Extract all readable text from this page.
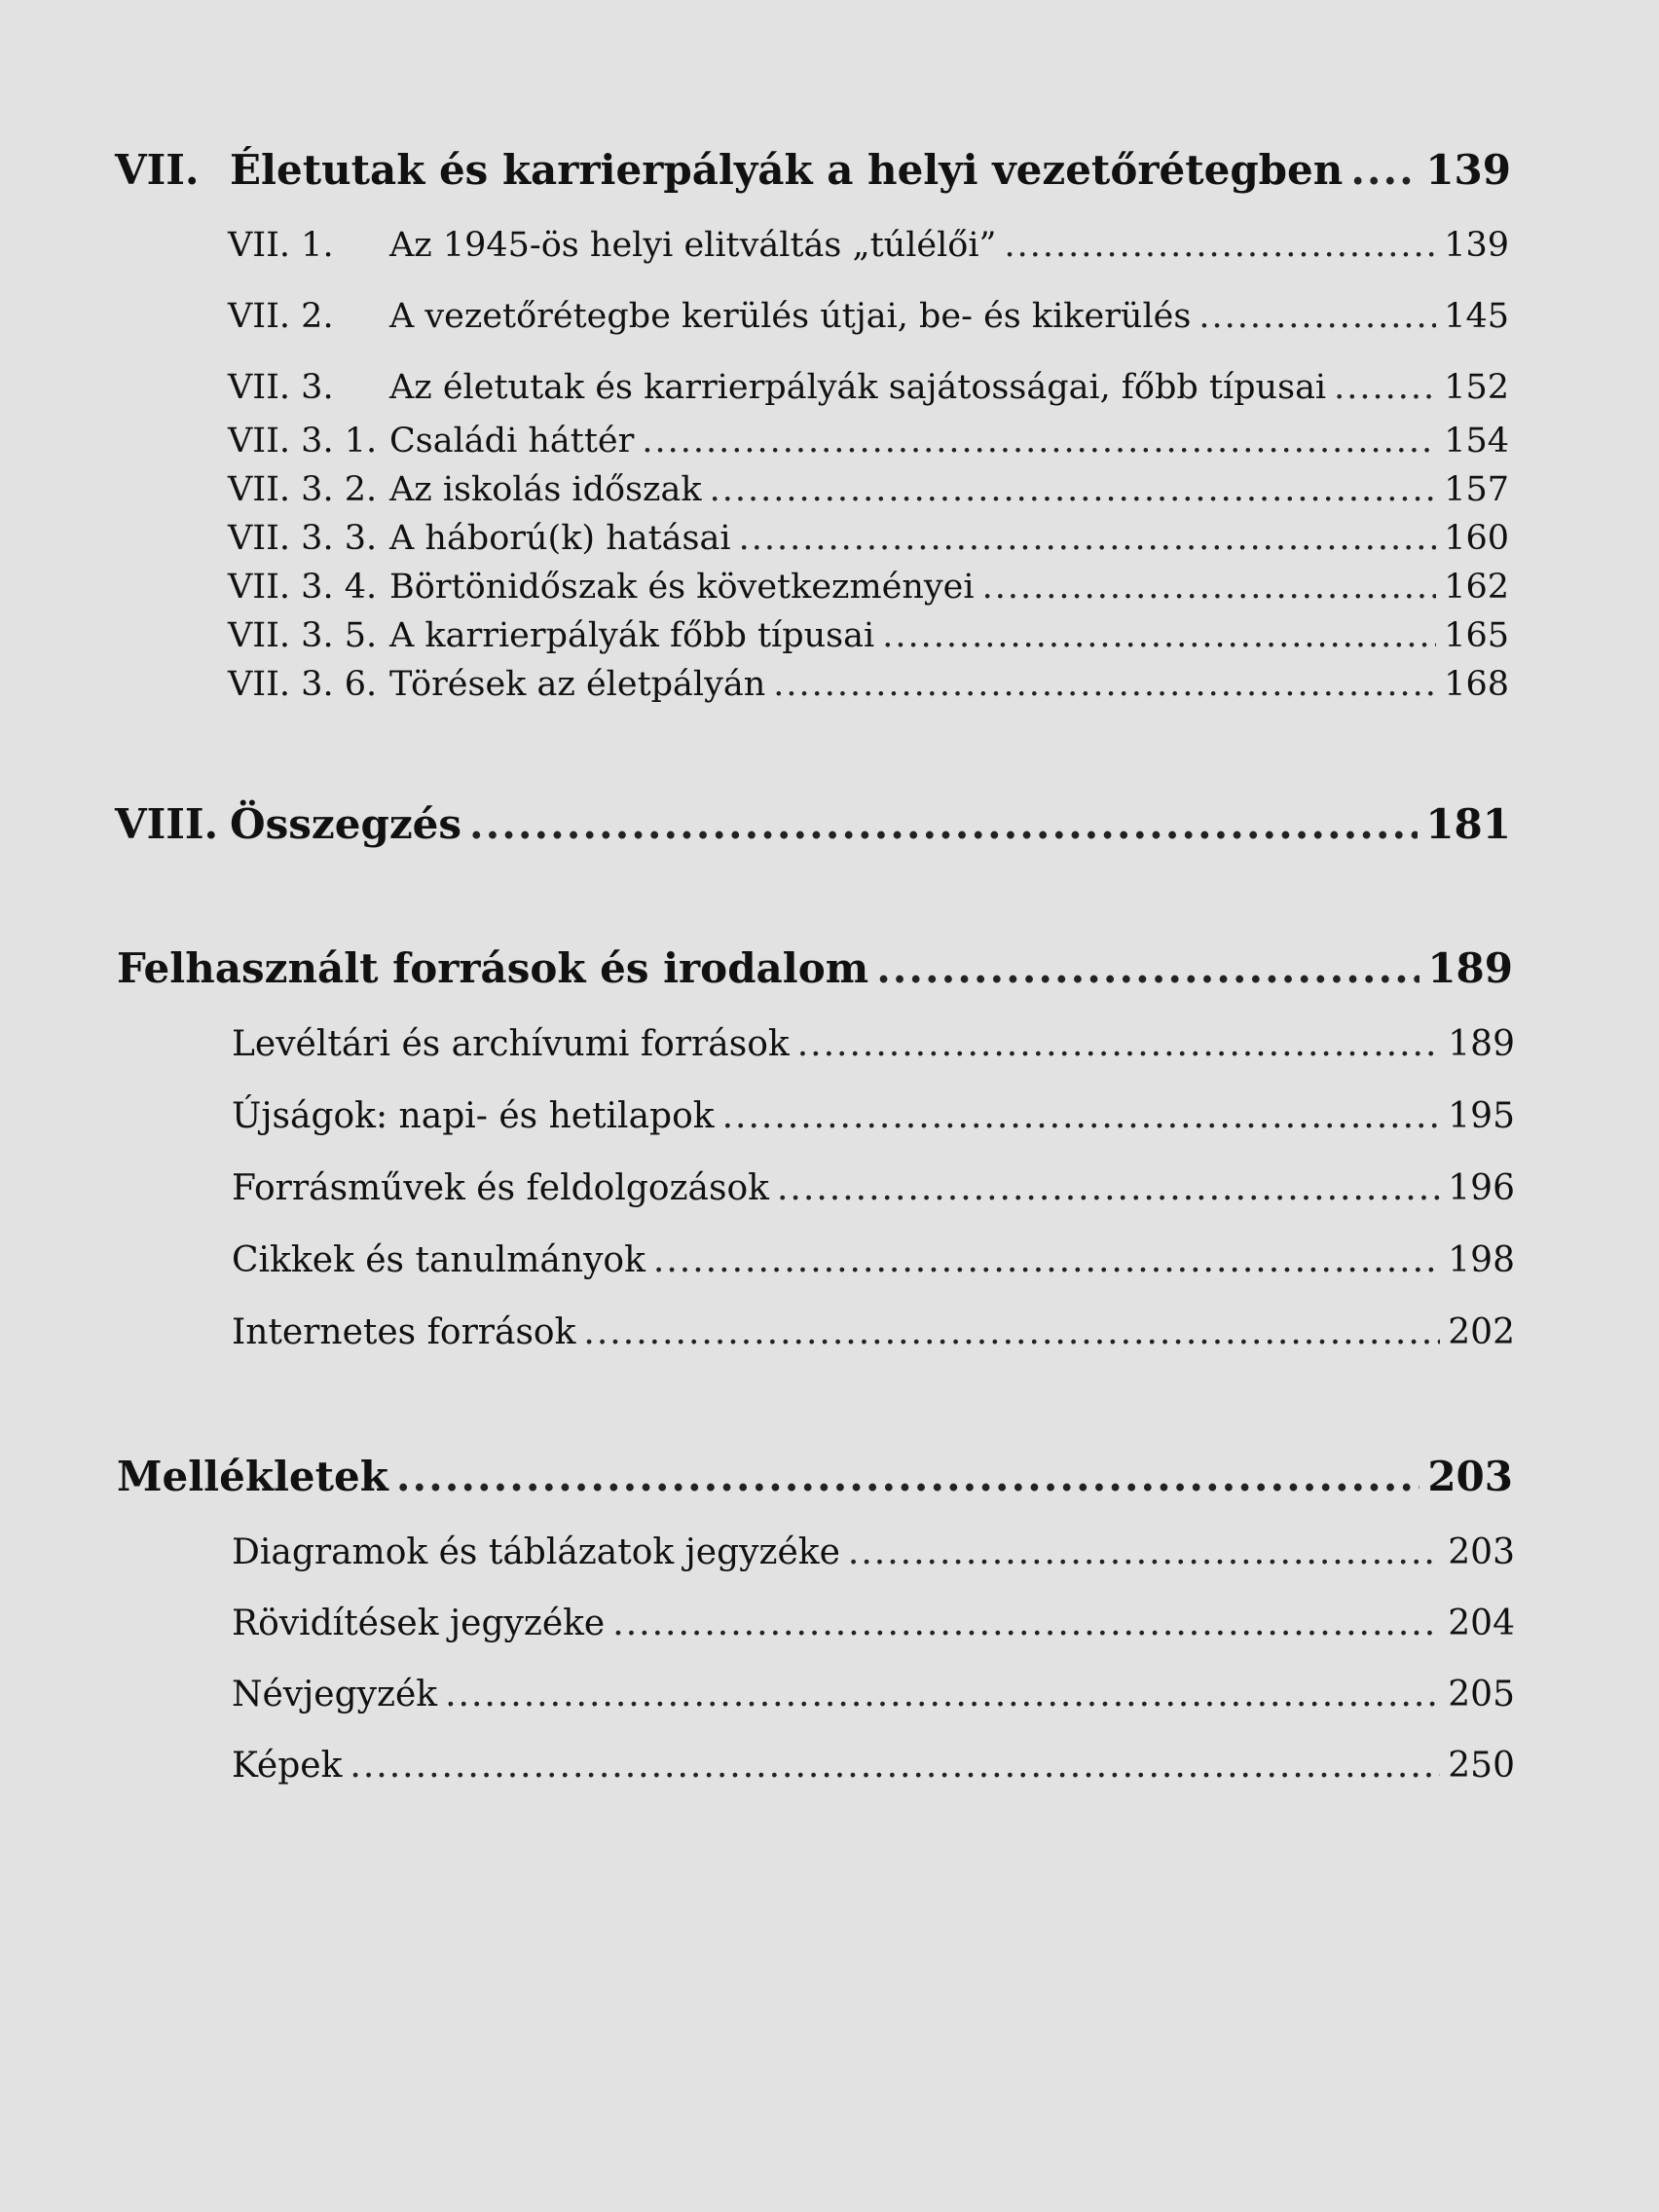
VII. Életutak és karrierpályák a helyi vezetőrétegben ..... 139
VII. 1.	Az 1945-ös helyi elitváltás „túlélői” .....	139
VII. 2.	A vezetőrétegbe kerülés útjai, be- és kikerülés .....	145
VII. 3.	Az életutak és karrierpályák sajátosságai, főbb típusai .....	152
VII. 3. 1. Családi háttér .....	154
VII. 3. 2. Az iskolás időszak .....	157
VII. 3. 3. A háború(k) hatásai .....	160
VII. 3. 4. Börtönidőszak és következményei .....	162
VII. 3. 5. A karrierpályák főbb típusai .....	165
VII. 3. 6. Törések az életpályán .....	168
VIII. Összegzés .....	181
Felhasznált források és irodalom .....	189
Levéltári és archívumi források .....	189
Újságok: napi- és hetilapok .....	195
Forrásművek és feldolgozások .....	196
Cikkek és tanulmányok .....	198
Internetes források .....	202
Mellékletek .....	203
Diagramok és táblázatok jegyzéke .....	203
Rövidítések jegyzéke .....	204
Névjegyzék .....	205
Képek .....	250
